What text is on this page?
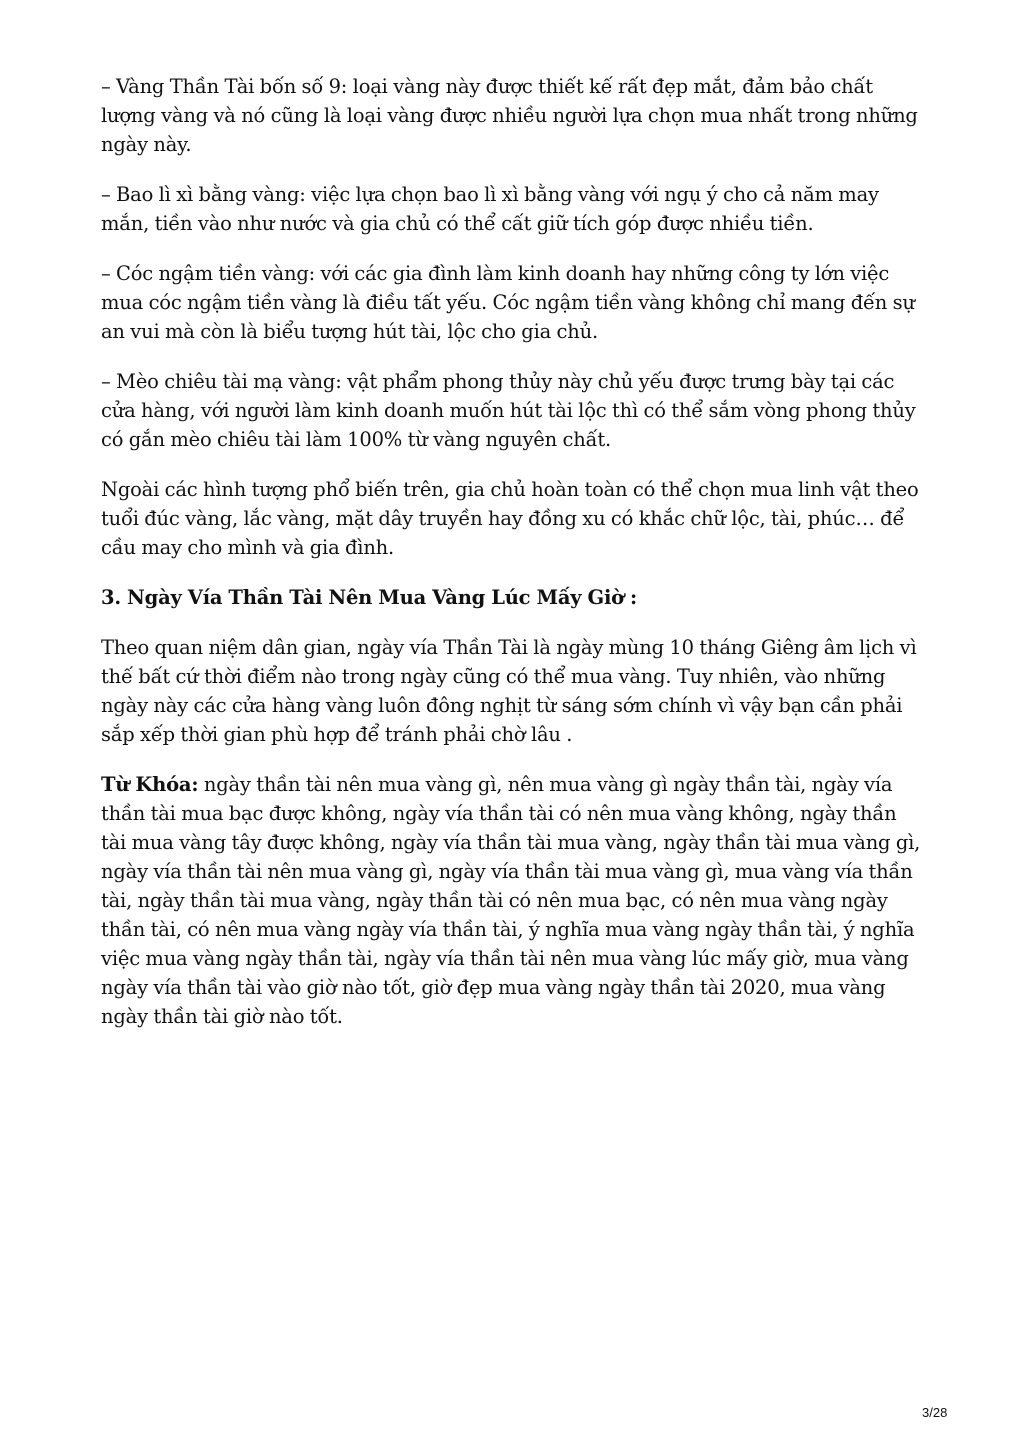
– Vàng Thần Tài bốn số 9: loại vàng này được thiết kế rất đẹp mắt, đảm bảo chất lượng vàng và nó cũng là loại vàng được nhiều người lựa chọn mua nhất trong những ngày này.

– Bao lì xì bằng vàng: việc lựa chọn bao lì xì bằng vàng với ngụ ý cho cả năm may mắn, tiền vào như nước và gia chủ có thể cất giữ tích góp được nhiều tiền.

– Cóc ngậm tiền vàng: với các gia đình làm kinh doanh hay những công ty lớn việc mua cóc ngậm tiền vàng là điều tất yếu. Cóc ngậm tiền vàng không chỉ mang đến sự an vui mà còn là biểu tượng hút tài, lộc cho gia chủ.

– Mèo chiêu tài mạ vàng: vật phẩm phong thủy này chủ yếu được trưng bày tại các cửa hàng, với người làm kinh doanh muốn hút tài lộc thì có thể sắm vòng phong thủy có gắn mèo chiêu tài làm 100% từ vàng nguyên chất.

Ngoài các hình tượng phổ biến trên, gia chủ hoàn toàn có thể chọn mua linh vật theo tuổi đúc vàng, lắc vàng, mặt dây truyền hay đồng xu có khắc chữ lộc, tài, phúc… để cầu may cho mình và gia đình.

3. Ngày Vía Thần Tài Nên Mua Vàng Lúc Mấy Giờ :

Theo quan niệm dân gian, ngày vía Thần Tài là ngày mùng 10 tháng Giêng âm lịch vì thế bất cứ thời điểm nào trong ngày cũng có thể mua vàng. Tuy nhiên, vào những ngày này các cửa hàng vàng luôn đông nghịt từ sáng sớm chính vì vậy bạn cần phải sắp xếp thời gian phù hợp để tránh phải chờ lâu .

Từ Khóa: ngày thần tài nên mua vàng gì, nên mua vàng gì ngày thần tài, ngày vía thần tài mua bạc được không, ngày vía thần tài có nên mua vàng không, ngày thần tài mua vàng tây được không, ngày vía thần tài mua vàng, ngày thần tài mua vàng gì, ngày vía thần tài nên mua vàng gì, ngày vía thần tài mua vàng gì, mua vàng vía thần tài, ngày thần tài mua vàng, ngày thần tài có nên mua bạc, có nên mua vàng ngày thần tài, có nên mua vàng ngày vía thần tài, ý nghĩa mua vàng ngày thần tài, ý nghĩa việc mua vàng ngày thần tài, ngày vía thần tài nên mua vàng lúc mấy giờ, mua vàng ngày vía thần tài vào giờ nào tốt, giờ đẹp mua vàng ngày thần tài 2020, mua vàng ngày thần tài giờ nào tốt.

3/28
